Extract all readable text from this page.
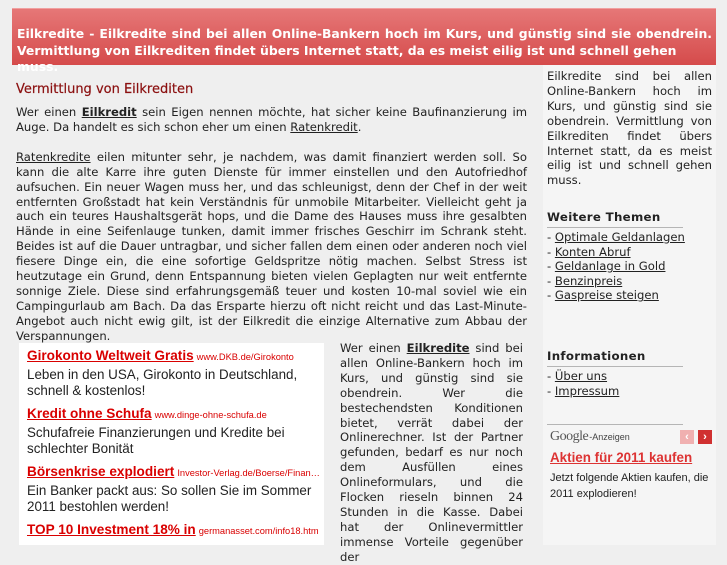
Eilkredite - Eilkredite sind bei allen Online-Bankern hoch im Kurs, und günstig sind sie obendrein.
Vermittlung von Eilkrediten findet übers Internet statt, da es meist eilig ist und schnell gehen muss.
Vermittlung von Eilkrediten

Wer einen Eilkredit sein Eigen nennen möchte, hat sicher keine Baufinanzierung im Auge. Da handelt es sich schon eher um einen Ratenkredit.

Ratenkredite eilen mitunter sehr, je nachdem, was damit finanziert werden soll. So kann die alte Karre ihre guten Dienste für immer einstellen und den Autofriedhof aufsuchen. Ein neuer Wagen muss her, und das schleunigst, denn der Chef in der weit entfernten Großstadt hat kein Verständnis für unmobile Mitarbeiter. Vielleicht geht ja auch ein teures Haushaltsgerät hops, und die Dame des Hauses muss ihre gesalbten Hände in eine Seifenlauge tunken, damit immer frisches Geschirr im Schrank steht. Beides ist auf die Dauer untragbar, und sicher fallen dem einen oder anderen noch viel fiesere Dinge ein, die eine sofortige Geldspritze nötig machen. Selbst Stress ist heutzutage ein Grund, denn Entspannung bieten vielen Geplagten nur weit entfernte sonnige Ziele. Diese sind erfahrungsgemäß teuer und kosten 10-mal soviel wie ein Campingurlaub am Bach. Da das Ersparte hierzu oft nicht reicht und das Last-Minute-Angebot auch nicht ewig gilt, ist der Eilkredit die einzige Alternative zum Abbau der Verspannungen.

Girokonto Weltweit Gratis www.DKB.de/Girokonto
Leben in den USA, Girokonto in Deutschland, schnell & kostenlos!
Kredit ohne Schufa www.dinge-ohne-schufa.de
Schufafreie Finanzierungen und Kredite bei schlechter Bonität
Börsenkrise explodiert Investor-Verlag.de/Boerse/Finan…
Ein Banker packt aus: So sollen Sie im Sommer 2011 bestohlen werden!
TOP 10 Investment 18% in germanasset.com/info18.htm
Wer einen Eilkredite sind bei allen Online-Bankern hoch im Kurs, und günstig sind sie obendrein. Wer die bestechendsten Konditionen bietet, verrät dabei der Onlinerechner. Ist der Partner gefunden, bedarf es nur noch dem Ausfüllen eines Onlineformulars, und die Flocken rieseln binnen 24 Stunden in die Kasse. Dabei hat der Onlinevermittler immense Vorteile gegenüber der
Eilkredite sind bei allen Online-Bankern hoch im Kurs, und günstig sind sie obendrein. Vermittlung von Eilkrediten findet übers Internet statt, da es meist eilig ist und schnell gehen muss.
Weitere Themen
- Optimale Geldanlagen
- Konten Abruf
- Geldanlage in Gold
- Benzinpreis
- Gaspreise steigen
Informationen
- Über uns
- Impressum
Google -Anzeigen	‹	›
Aktien für 2011 kaufen
Jetzt folgende Aktien kaufen, die 2011 explodieren!
